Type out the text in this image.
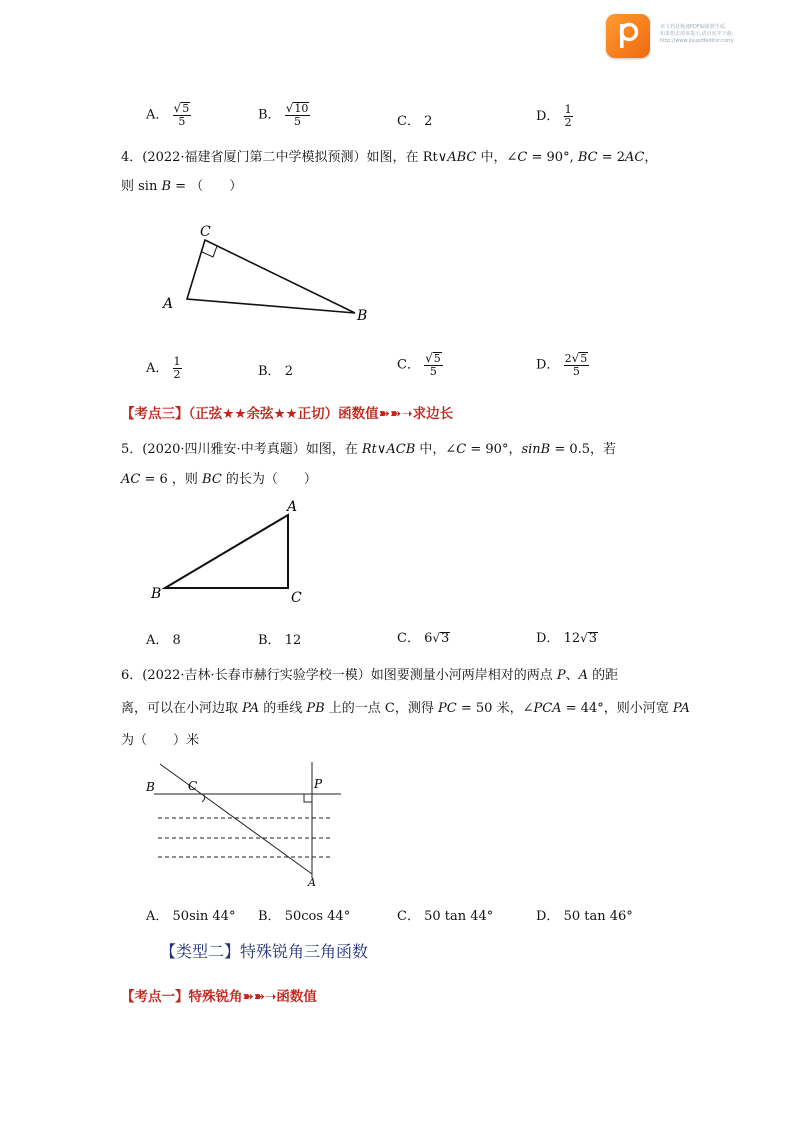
该文档是极速PDF编辑器生成,
如果想去掉该提示,请访问并下载:
http://www.jisupdfeditor.com/
A． $\frac{√ 5}{5}$	B． $\frac{√ 10}{5}$	C． 2	D． $\frac{1}{2}$
4．(2022·福建省厦门第二中学模拟预测）如图，在 Rt∨ABC 中，∠C = 90°, BC = 2AC，
则 sin B = （　　）
C
A
B
A． $\frac{1}{2}$	B． 2	C． $\frac{√ 5}{5}$	D． $\frac{2 √ 5}{5}$
【考点三】（正弦★★余弦★★正切）函数值➽➽➝求边长
5．(2020·四川雅安·中考真题）如图，在 Rt∨ACB 中，∠C = 90°，sinB = 0.5，若
AC = 6 ，则 BC 的长为（　　）
A
B	C
A． 8	B． 12	C． 6 √ 3	D． 12 √ 3
6．(2022·吉林·长春市赫行实验学校一模）如图要测量小河两岸相对的两点 P、A 的距
离，可以在小河边取 PA 的垂线 PB 上的一点 C，测得 PC = 50 米，∠PCA = 44°，则小河宽 PA
为（　　）米
B	C	P
A
A． 50sin 44° B． 50cos 44°	C． 50 tan 44°	D． 50 tan 46°
【类型二】特殊锐角三角函数
【考点一】特殊锐角➽➽➝函数值
